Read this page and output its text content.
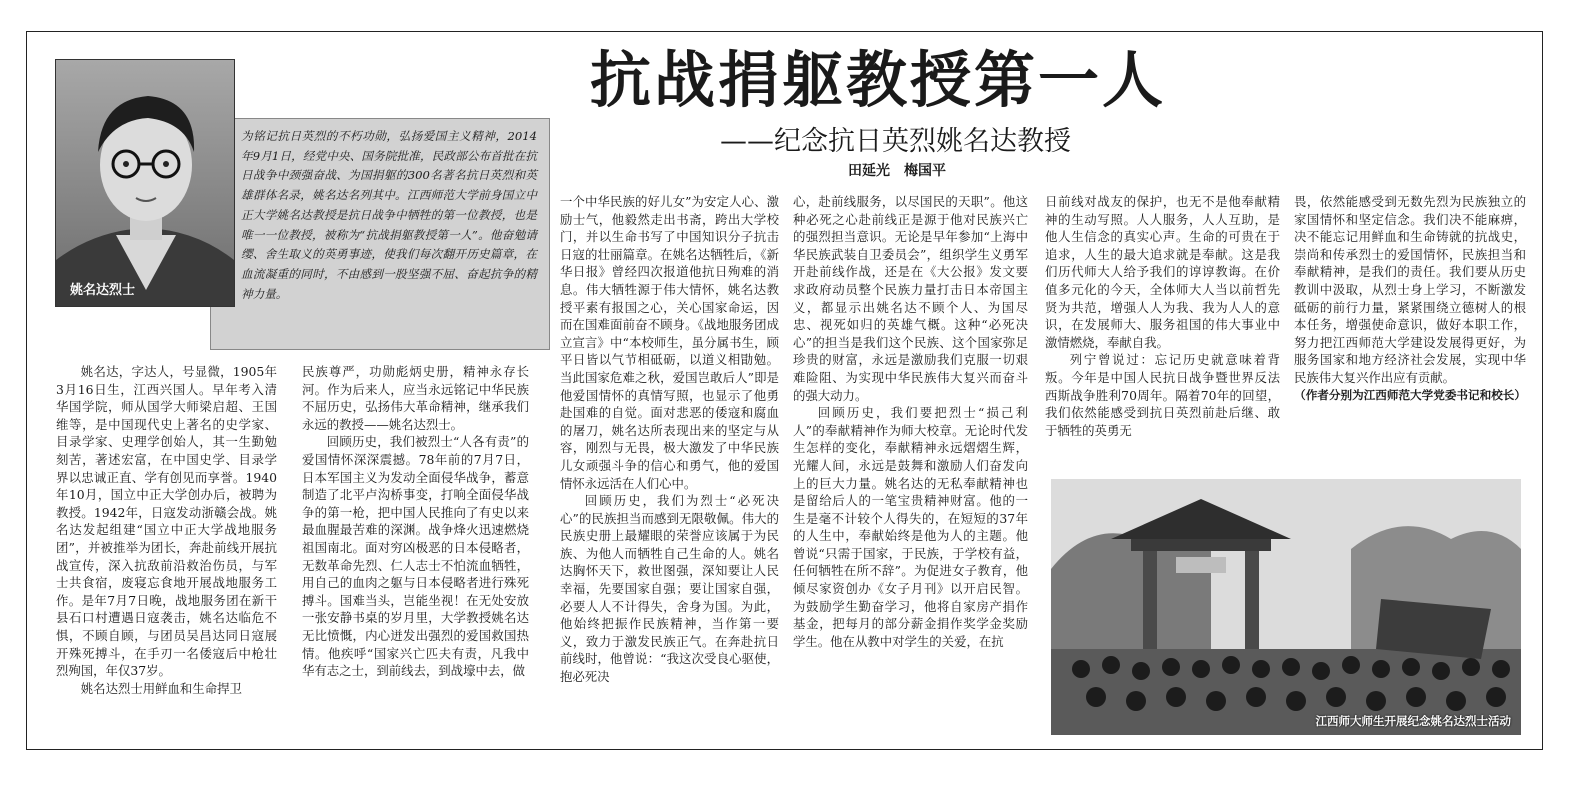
抗战捐躯教授第一人
——纪念抗日英烈姚名达教授
田延光　梅国平
为铭记抗日英烈的不朽功勋，弘扬爱国主义精神，2014年9月1日，经党中央、国务院批准，民政部公布首批在抗日战争中颈强奋战、为国捐躯的300名著名抗日英烈和英雄群体名录，姚名达名列其中。江西师范大学前身国立中正大学姚名达教授是抗日战争中牺牲的第一位教授，也是唯一一位教授，被称为“抗战捐躯教授第一人”。他奋勉请缨、舍生取义的英勇事迹，使我们每次翻开历史篇章，在血流凝重的同时，不由感到一股坚强不屈、奋起抗争的精神力量。
姚名达烈士

姚名达，字达人，号显微，1905年3月16日生，江西兴国人。早年考入清华国学院，师从国学大师梁启超、王国维等，是中国现代史上著名的史学家、目录学家、史理学创始人，其一生勤勉刻苦，著述宏富，在中国史学、目录学界以忠诚正直、学有创见而享誉。1940年10月，国立中正大学创办后，被聘为教授。1942年，日寇发动浙赣会战。姚名达发起组建“国立中正大学战地服务团”，并被推举为团长，奔赴前线开展抗战宣传，深入抗敌前沿救治伤员，与军士共食宿，废寝忘食地开展战地服务工作。是年7月7日晚，战地服务团在新干县石口村遭遇日寇袭击，姚名达临危不惧，不顾自顾，与团员吴昌达同日寇展开殊死搏斗，在手刃一名倭寇后中枪壮烈殉国，年仅37岁。

姚名达烈士用鲜血和生命捍卫

民族尊严，功勋彪炳史册，精神永存长河。作为后来人，应当永远铭记中华民族不屈历史，弘扬伟大革命精神，继承我们永远的教授——姚名达烈士。

回顾历史，我们被烈士“人各有责”的爱国情怀深深震撼。78年前的7月7日，日本军国主义为发动全面侵华战争，蓄意制造了北平卢沟桥事变，打响全面侵华战争的第一枪，把中国人民推向了有史以来最血腥最苦难的深渊。战争烽火迅速燃烧祖国南北。面对穷凶极恶的日本侵略者，无数革命先烈、仁人志士不怕流血牺牲，用自己的血肉之躯与日本侵略者进行殊死搏斗。国难当头，岂能坐视！在无处安放一张安静书桌的岁月里，大学教授姚名达无比愤慨，内心迸发出强烈的爱国救国热情。他疾呼“国家兴亡匹夫有责，凡我中华有志之士，到前线去，到战壕中去，做

一个中华民族的好儿女”为安定人心、激励士气，他毅然走出书斋，跨出大学校门，并以生命书写了中国知识分子抗击日寇的壮丽篇章。在姚名达牺牲后，《新华日报》曾经四次报道他抗日殉难的消息。伟大牺牲源于伟大情怀，姚名达教授平素有报国之心，关心国家命运，因而在国难面前奋不顾身。《战地服务团成立宣言》中“本校师生，虽分属书生，顾平日皆以气节相砥砺，以道义相勖勉。当此国家危难之秋，爱国岂敢后人”即是他爱国情怀的真情写照，也显示了他勇赴国难的自觉。面对悲恶的倭寇和腐血的屠刀，姚名达所表现出来的坚定与从容，刚烈与无畏，极大激发了中华民族儿女顽强斗争的信心和勇气，他的爱国情怀永远活在人们心中。

回顾历史，我们为烈士“必死决心”的民族担当而感到无限敬佩。伟大的民族史册上最耀眼的荣誉应该属于为民族、为他人而牺牲自己生命的人。姚名达胸怀天下，救世图强，深知要让人民幸福，先要国家自强；要让国家自强，必要人人不计得失，舍身为国。为此，他始终把振作民族精神，当作第一要义，致力于激发民族正气。在奔赴抗日前线时，他曾说：“我这次受良心驱使，抱必死决

心，赴前线服务，以尽国民的天职”。他这种必死之心赴前线正是源于他对民族兴亡的强烈担当意识。无论是早年参加“上海中华民族武装自卫委员会”，组织学生义勇军开赴前线作战，还是在《大公报》发文要求政府动员整个民族力量打击日本帝国主义，都显示出姚名达不顾个人、为国尽忠、视死如归的英雄气概。这种“必死决心”的担当是我们这个民族、这个国家弥足珍贵的财富，永远是激励我们克服一切艰难险阻、为实现中华民族伟大复兴而奋斗的强大动力。

回顾历史，我们要把烈士“损己利人”的奉献精神作为师大校章。无论时代发生怎样的变化，奉献精神永远熠熠生辉，光耀人间，永远是鼓舞和激励人们奋发向上的巨大力量。姚名达的无私奉献精神也是留给后人的一笔宝贵精神财富。他的一生是毫不计较个人得失的，在短短的37年的人生中，奉献始终是他为人的主题。他曾说“只需于国家，于民族，于学校有益，任何牺牲在所不辞”。为促进女子教育，他倾尽家资创办《女子月刊》以开启民智。为鼓励学生勤奋学习，他将自家房产捐作基金，把每月的部分薪金捐作奖学金奖励学生。他在从教中对学生的关爱，在抗

日前线对战友的保护，也无不是他奉献精神的生动写照。人人服务，人人互助，是他人生信念的真实心声。生命的可贵在于追求，人生的最大追求就是奉献。这是我们历代师大人给予我们的谆谆教诲。在价值多元化的今天，全体师大人当以前哲先贤为共范，增强人人为我、我为人人的意识，在发展师大、服务祖国的伟大事业中激情燃烧，奉献自我。

列宁曾说过：忘记历史就意味着背叛。今年是中国人民抗日战争暨世界反法西斯战争胜利70周年。隔着70年的回望，我们依然能感受到抗日英烈前赴后继、敢于牺牲的英勇无

畏，依然能感受到无数先烈为民族独立的家国情怀和坚定信念。我们决不能麻痹，决不能忘记用鲜血和生命铸就的抗战史，崇尚和传承烈士的爱国情怀，民族担当和奉献精神，是我们的责任。我们要从历史教训中汲取，从烈士身上学习，不断激发砥砺的前行力量，紧紧围绕立德树人的根本任务，增强使命意识，做好本职工作，努力把江西师范大学建设发展得更好，为服务国家和地方经济社会发展，实现中华民族伟大复兴作出应有贡献。

（作者分别为江西师范大学党委书记和校长）

江西师大师生开展纪念姚名达烈士活动
